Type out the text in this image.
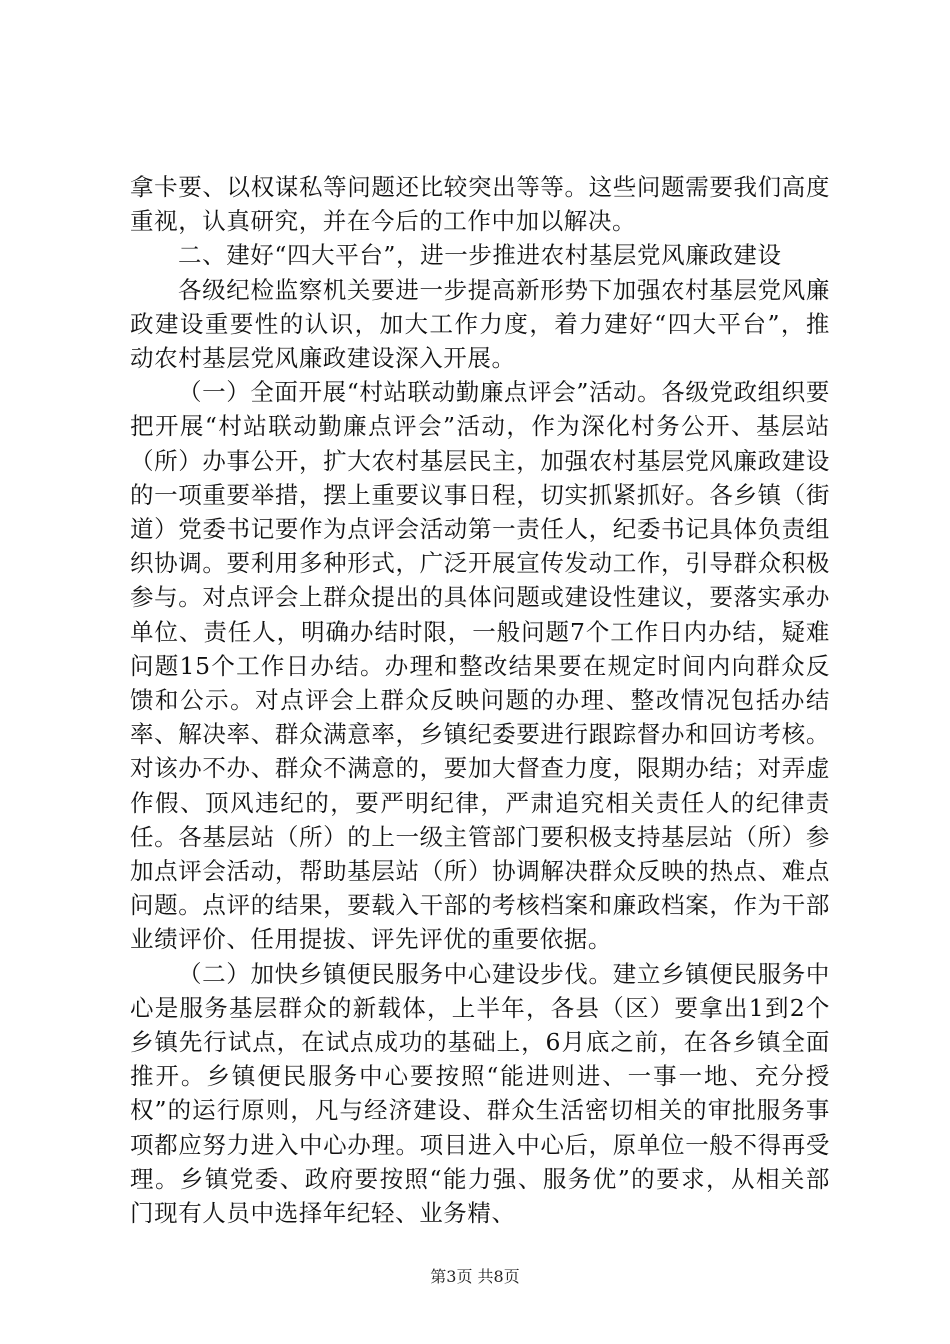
拿卡要、以权谋私等问题还比较突出等等。这些问题需要我们高度重视，认真研究，并在今后的工作中加以解决。

二、建好“四大平台”，进一步推进农村基层党风廉政建设

各级纪检监察机关要进一步提高新形势下加强农村基层党风廉政建设重要性的认识，加大工作力度，着力建好“四大平台”，推动农村基层党风廉政建设深入开展。

（一）全面开展“村站联动勤廉点评会”活动。各级党政组织要把开展“村站联动勤廉点评会”活动，作为深化村务公开、基层站（所）办事公开，扩大农村基层民主，加强农村基层党风廉政建设的一项重要举措，摆上重要议事日程，切实抓紧抓好。各乡镇（街道）党委书记要作为点评会活动第一责任人，纪委书记具体负责组织协调。要利用多种形式，广泛开展宣传发动工作，引导群众积极参与。对点评会上群众提出的具体问题或建设性建议，要落实承办单位、责任人，明确办结时限，一般问题7个工作日内办结，疑难问题15个工作日办结。办理和整改结果要在规定时间内向群众反馈和公示。对点评会上群众反映问题的办理、整改情况包括办结率、解决率、群众满意率，乡镇纪委要进行跟踪督办和回访考核。对该办不办、群众不满意的，要加大督查力度，限期办结；对弄虚作假、顶风违纪的，要严明纪律，严肃追究相关责任人的纪律责任。各基层站（所）的上一级主管部门要积极支持基层站（所）参加点评会活动，帮助基层站（所）协调解决群众反映的热点、难点问题。点评的结果，要载入干部的考核档案和廉政档案，作为干部业绩评价、任用提拔、评先评优的重要依据。

（二）加快乡镇便民服务中心建设步伐。建立乡镇便民服务中心是服务基层群众的新载体，上半年，各县（区）要拿出1到2个乡镇先行试点，在试点成功的基础上，6月底之前，在各乡镇全面推开。乡镇便民服务中心要按照“能进则进、一事一地、充分授权”的运行原则，凡与经济建设、群众生活密切相关的审批服务事项都应努力进入中心办理。项目进入中心后，原单位一般不得再受理。乡镇党委、政府要按照“能力强、服务优”的要求，从相关部门现有人员中选择年纪轻、业务精、

第3页 共8页
